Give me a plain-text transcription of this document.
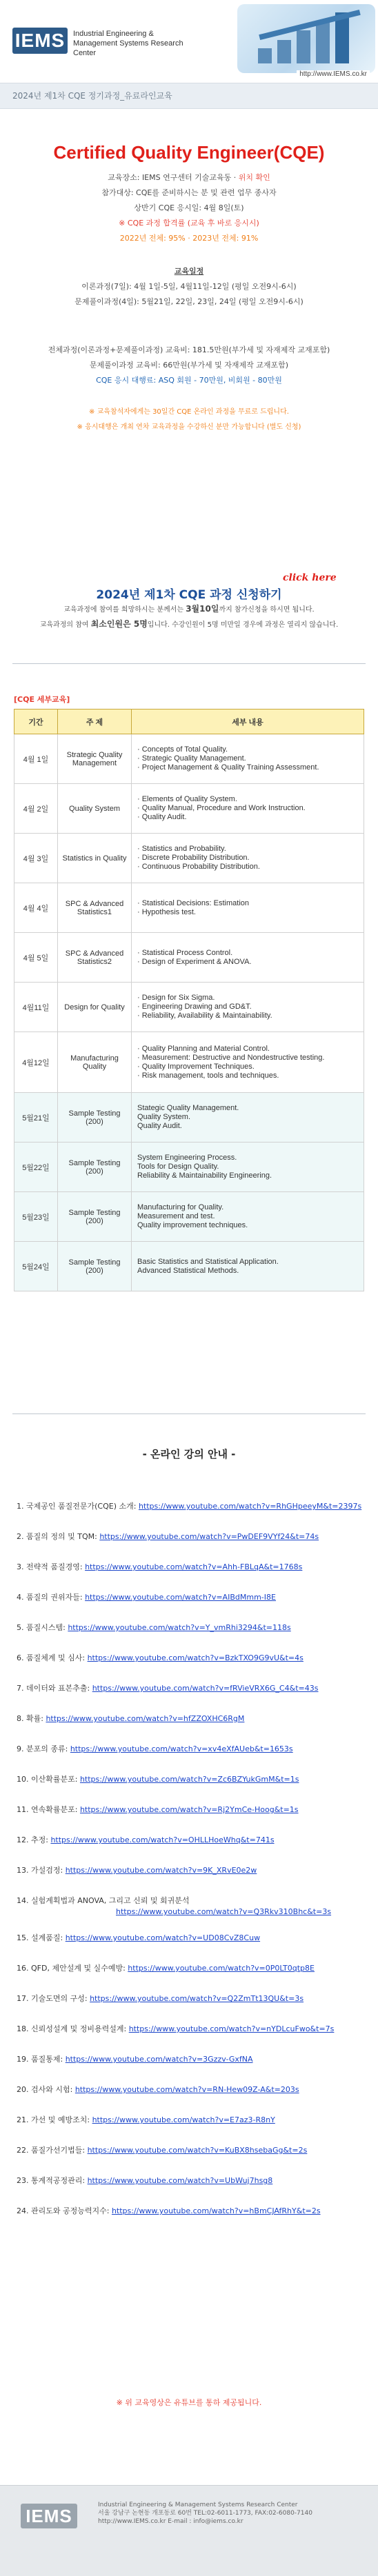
IEMS	Industrial Engineering &
Management Systems Research Center
http://www.IEMS.co.kr
2024년 제1차 CQE 정기과정_유료라인교육
Certified Quality Engineer(CQE)

교육장소: IEMS 연구센터 기술교육동 · 위치 확인

참가대상: CQE를 준비하시는 분 및 관련 업무 종사자

상반기 CQE 응시일: 4월 8일(토)

※ CQE 과정 합격률 (교육 후 바로 응시시)

2022년 전체: 95% · 2023년 전체: 91%

교육일정

이론과정(7일): 4월 1일-5일, 4월11일-12일 (평일 오전9시-6시)

문제풀이과정(4일): 5월21일, 22일, 23일, 24일 (평일 오전9시-6시)

전체과정(이론과정+문제풀이과정) 교육비: 181.5만원(부가세 및 자재제작 교재포함)

문제풀이과정 교육비: 66만원(부가세 및 자재제작 교재포함)

CQE 응시 대행료: ASQ 회원 - 70만원, 비회원 - 80만원

※ 교육참석자에게는 30일간 CQE 온라인 과정을 무료로 드립니다.

※ 응시대행은 개최 연차 교육과정을 수강하신 분만 가능합니다 (별도 신청)

click here
2024년 제1차 CQE 과정 신청하기

교육과정에 참여를 희망하시는 분께서는 3월10일까지 참가신청을 하시면 됩니다.

교육과정의 참여 최소인원은 5명입니다. 수강인원이 5명 미만일 경우에 과정은 열리지 않습니다.

[CQE 세부교육]
기간	주 제	세부 내용
4월 1일	Strategic Quality Management	· Concepts of Total Quality.
· Strategic Quality Management.
· Project Management & Quality Training Assessment.

4월 2일	Quality System	· Elements of Quality System.
· Quality Manual, Procedure and Work Instruction.
· Quality Audit.

4월 3일	Statistics in Quality	· Statistics and Probability.
· Discrete Probability Distribution.
· Continuous Probability Distribution.

4월 4일	SPC & Advanced Statistics1	· Statistical Decisions: Estimation
· Hypothesis test.

4월 5일	SPC & Advanced Statistics2	· Statistical Process Control.
· Design of Experiment & ANOVA.

4월11일	Design for Quality	· Design for Six Sigma.
· Engineering Drawing and GD&T.
· Reliability, Availability & Maintainability.

4월12일	Manufacturing Quality	· Quality Planning and Material Control.
· Measurement: Destructive and Nondestructive testing.
· Quality Improvement Techniques.
· Risk management, tools and techniques.

5월21일	Sample Testing (200)	Stategic Quality Management.
Quality System.
Quality Audit.

5월22일	Sample Testing (200)	System Engineering Process.
Tools for Design Quality.
Reliability & Maintainability Engineering.

5월23일	Sample Testing (200)	Manufacturing for Quality.
Measurement and test.
Quality improvement techniques.

5월24일	Sample Testing (200)	Basic Statistics and Statistical Application.
Advanced Statistical Methods.
- 온라인 강의 안내 -
1. 국제공인 품질전문가(CQE) 소개: https://www.youtube.com/watch?v=RhGHpeeyM&t=2397s
2. 품질의 정의 및 TQM: https://www.youtube.com/watch?v=PwDEF9VYf24&t=74s
3. 전략적 품질경영: https://www.youtube.com/watch?v=Ahh-FBLqA&t=1768s
4. 품질의 권위자들: https://www.youtube.com/watch?v=AIBdMmm-I8E
5. 품질시스템: https://www.youtube.com/watch?v=Y_vmRhi3294&t=118s
6. 품질체계 및 심사: https://www.youtube.com/watch?v=BzkTXO9G9vU&t=4s
7. 데이터와 표본추출: https://www.youtube.com/watch?v=fRVieVRX6G_C4&t=43s
8. 확률: https://www.youtube.com/watch?v=hfZZOXHC6RgM
9. 분포의 종류: https://www.youtube.com/watch?v=xv4eXfAUeb&t=1653s
10. 이산확률분포: https://www.youtube.com/watch?v=Zc6BZYukGmM&t=1s
11. 연속확률분포: https://www.youtube.com/watch?v=Rj2YmCe-Hoog&t=1s
12. 추정: https://www.youtube.com/watch?v=OHLLHoeWhq&t=741s
13. 가설검정: https://www.youtube.com/watch?v=9K_XRvE0e2w
14. 실험계획법과 ANOVA, 그리고 신뢰 및 회귀분석
https://www.youtube.com/watch?v=Q3Rkv310Bhc&t=3s
15. 설계품질: https://www.youtube.com/watch?v=UD08CvZ8Cuw
16. QFD, 제안설계 및 실수예방: https://www.youtube.com/watch?v=0P0LT0qtp8E
17. 기술도면의 구성: https://www.youtube.com/watch?v=Q2ZmTt13QU&t=3s
18. 신뢰성설계 및 정비용력설계: https://www.youtube.com/watch?v=nYDLcuFwo&t=7s
19. 품질통제: https://www.youtube.com/watch?v=3Gzzv-GxfNA
20. 검사와 시험: https://www.youtube.com/watch?v=RN-Hew09Z-A&t=203s
21. 가선 및 예방조치: https://www.youtube.com/watch?v=E7az3-R8nY
22. 품질가선기법들: https://www.youtube.com/watch?v=KuBX8hsebaGg&t=2s
23. 통계적공정관리: https://www.youtube.com/watch?v=UbWuj7hsg8
24. 관리도와 공정능력지수: https://www.youtube.com/watch?v=hBmCJAfRhY&t=2s
※ 위 교육영상은 유튜브를 통하 제공됩니다.
IEMS
Industrial Engineering & Management Systems Research Center
서울 강남구 논현동 개포동로 60번 TEL:02-6011-1773, FAX:02-6080-7140
http://www.IEMS.co.kr E-mail : info@iems.co.kr
